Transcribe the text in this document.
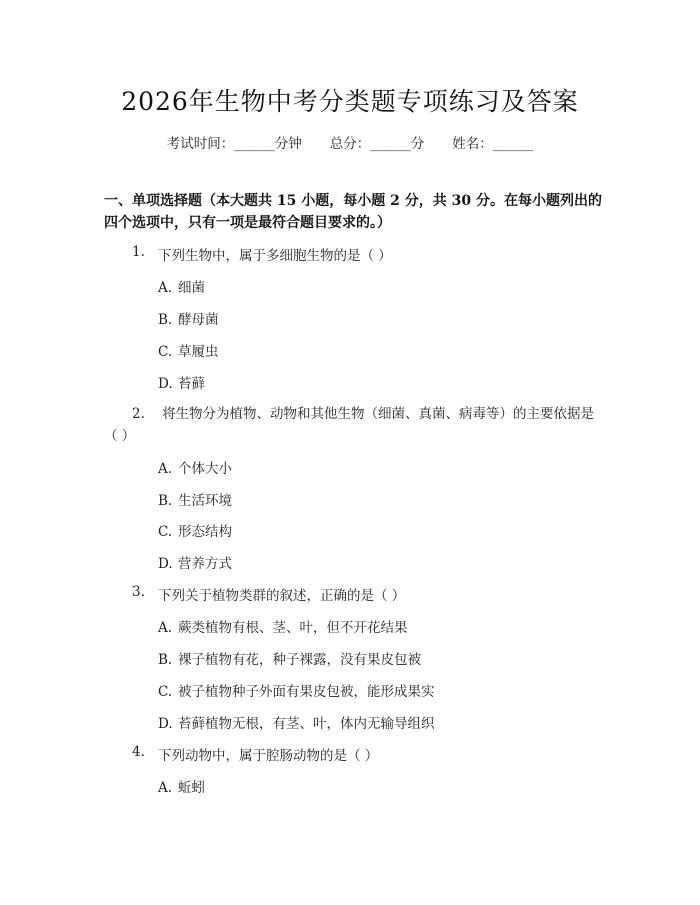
2026年生物中考分类题专项练习及答案
考试时间：______分钟 总分：______分 姓名：______
一、单项选择题（本大题共 15 小题，每小题 2 分，共 30 分。在每小题列出的四个选项中，只有一项是最符合题目要求的。）
1. 下列生物中，属于多细胞生物的是（ ）
A. 细菌
B. 酵母菌
C. 草履虫
D. 苔藓
2. 将生物分为植物、动物和其他生物（细菌、真菌、病毒等）的主要依据是（ ）
A. 个体大小
B. 生活环境
C. 形态结构
D. 营养方式
3. 下列关于植物类群的叙述，正确的是（ ）
A. 蕨类植物有根、茎、叶，但不开花结果
B. 裸子植物有花，种子裸露，没有果皮包被
C. 被子植物种子外面有果皮包被，能形成果实
D. 苔藓植物无根，有茎、叶，体内无输导组织
4. 下列动物中，属于腔肠动物的是（ ）
A. 蚯蚓
